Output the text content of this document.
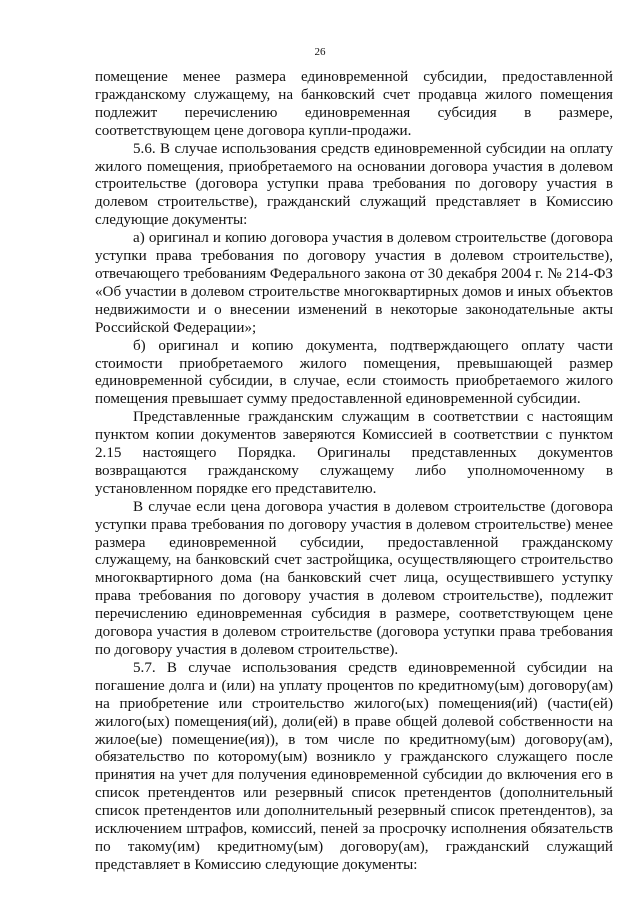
26

помещение менее размера единовременной субсидии, предоставленной гражданскому служащему, на банковский счет продавца жилого помещения подлежит перечислению единовременная субсидия в размере, соответствующем цене договора купли-продажи.

5.6. В случае использования средств единовременной субсидии на оплату жилого помещения, приобретаемого на основании договора участия в долевом строительстве (договора уступки права требования по договору участия в долевом строительстве), гражданский служащий представляет в Комиссию следующие документы:

а) оригинал и копию договора участия в долевом строительстве (договора уступки права требования по договору участия в долевом строительстве), отвечающего требованиям Федерального закона от 30 декабря 2004 г. № 214-ФЗ «Об участии в долевом строительстве многоквартирных домов и иных объектов недвижимости и о внесении изменений в некоторые законодательные акты Российской Федерации»;

б) оригинал и копию документа, подтверждающего оплату части стоимости приобретаемого жилого помещения, превышающей размер единовременной субсидии, в случае, если стоимость приобретаемого жилого помещения превышает сумму предоставленной единовременной субсидии.

Представленные гражданским служащим в соответствии с настоящим пунктом копии документов заверяются Комиссией в соответствии с пунктом 2.15 настоящего Порядка. Оригиналы представленных документов возвращаются гражданскому служащему либо уполномоченному в установленном порядке его представителю.

В случае если цена договора участия в долевом строительстве (договора уступки права требования по договору участия в долевом строительстве) менее размера единовременной субсидии, предоставленной гражданскому служащему, на банковский счет застройщика, осуществляющего строительство многоквартирного дома (на банковский счет лица, осуществившего уступку права требования по договору участия в долевом строительстве), подлежит перечислению единовременная субсидия в размере, соответствующем цене договора участия в долевом строительстве (договора уступки права требования по договору участия в долевом строительстве).

5.7. В случае использования средств единовременной субсидии на погашение долга и (или) на уплату процентов по кредитному(ым) договору(ам) на приобретение или строительство жилого(ых) помещения(ий) (части(ей) жилого(ых) помещения(ий), доли(ей) в праве общей долевой собственности на жилое(ые) помещение(ия)), в том числе по кредитному(ым) договору(ам), обязательство по которому(ым) возникло у гражданского служащего после принятия на учет для получения единовременной субсидии до включения его в список претендентов или резервный список претендентов (дополнительный список претендентов или дополнительный резервный список претендентов), за исключением штрафов, комиссий, пеней за просрочку исполнения обязательств по такому(им) кредитному(ым) договору(ам), гражданский служащий представляет в Комиссию следующие документы:
